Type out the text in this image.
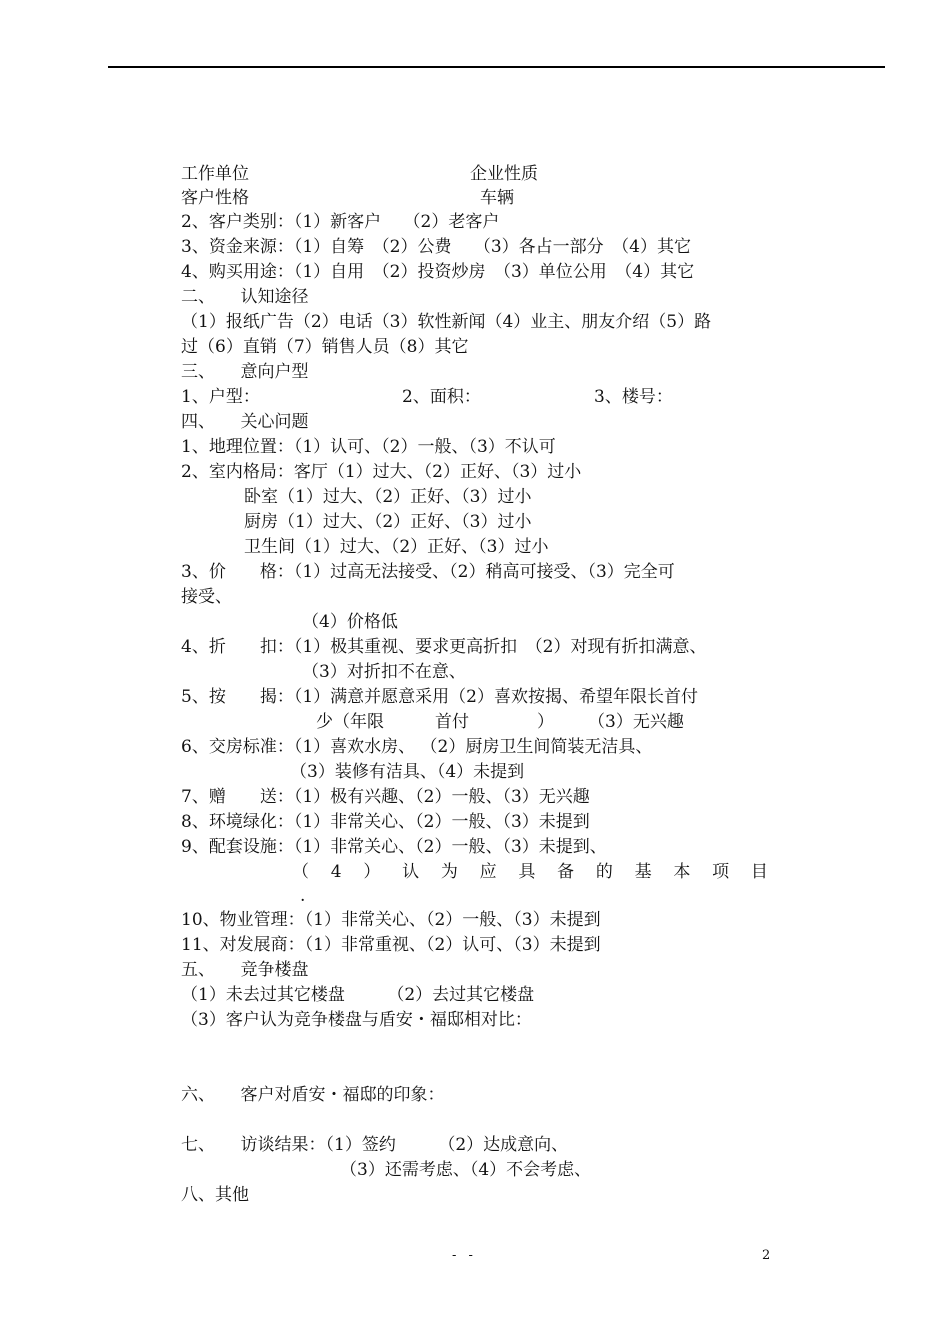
工作单位	企业性质
客户性格	车辆
2、客户类别：（1）新客户　 （2）老客户
3、资金来源：（1）自筹　（2）公费　 （3）各占一部分　（4）其它
4、购买用途：（1）自用　（2）投资炒房　（3）单位公用　（4）其它
二、　　认知途径
（1）报纸广告（2）电话（3）软性新闻（4）业主、朋友介绍（5）路
过（6）直销（7）销售人员（8）其它
三、　　意向户型
1、户型：	2、面积：	3、楼号：
四、　　关心问题
1、地理位置：（1）认可、（2）一般、（3）不认可
2、室内格局：客厅（1）过大、（2）正好、（3）过小
卧室（1）过大、（2）正好、（3）过小
厨房（1）过大、（2）正好、（3）过小
卫生间（1）过大、（2）正好、（3）过小
3、价　　格：（1）过高无法接受、（2）稍高可接受、（3）完全可
接受、
（4）价格低
4、折　　扣：（1）极其重视、要求更高折扣　（2）对现有折扣满意、
（3）对折扣不在意、
5、按　　揭：（1）满意并愿意采用（2）喜欢按揭、希望年限长首付
少（年限　　　首付　　　　）　　　（3）无兴趣
6、交房标准：（1）喜欢水房、 （2）厨房卫生间简装无洁具、
（3）装修有洁具、（4）未提到
7、赠　　送：（1）极有兴趣、（2）一般、（3）无兴趣
8、环境绿化：（1）非常关心、（2）一般、（3）未提到
9、配套设施：（1）非常关心、（2）一般、（3）未提到、
（ 4 ） 认 为 应 具 备 的 基 本 项 目
.
10、物业管理：（1）非常关心、（2）一般、（3）未提到
11、对发展商：（1）非常重视、（2）认可、（3）未提到
五、　　竞争楼盘
（1）未去过其它楼盘　　　（2）去过其它楼盘
（3）客户认为竞争楼盘与盾安・福邸相对比：
六、　　客户对盾安・福邸的印象：
七、　　访谈结果：（1）签约　　　（2）达成意向、
（3）还需考虑、（4）不会考虑、
八、其他
- -	2
